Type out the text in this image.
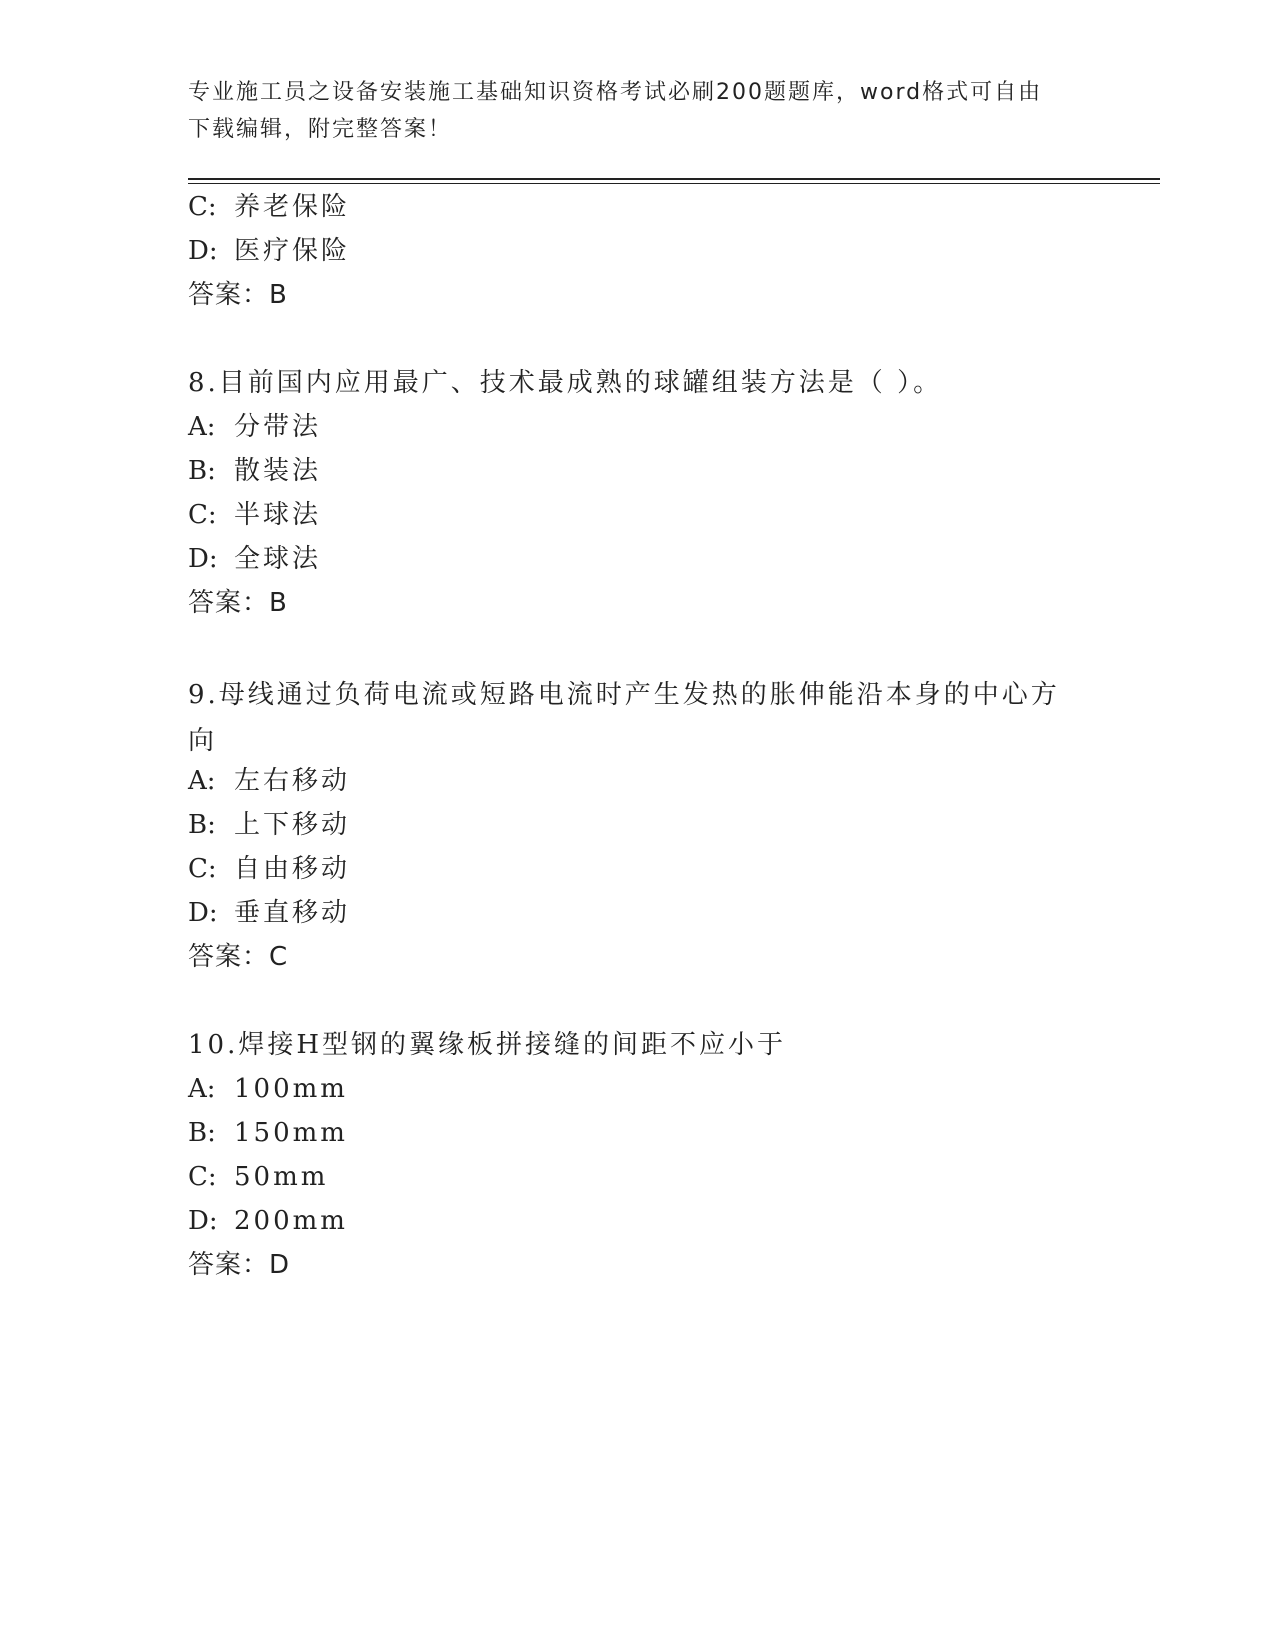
专业施工员之设备安装施工基础知识资格考试必刷200题题库，word格式可自由
下载编辑，附完整答案！
C: 养老保险
D: 医疗保险
答案：B
8.目前国内应用最广、技术最成熟的球罐组装方法是（ ）。
A: 分带法
B: 散装法
C: 半球法
D: 全球法
答案：B
9.母线通过负荷电流或短路电流时产生发热的胀伸能沿本身的中心方向
A: 左右移动
B: 上下移动
C: 自由移动
D: 垂直移动
答案：C
10.焊接H型钢的翼缘板拼接缝的间距不应小于
A: 100mm
B: 150mm
C: 50mm
D: 200mm
答案：D
